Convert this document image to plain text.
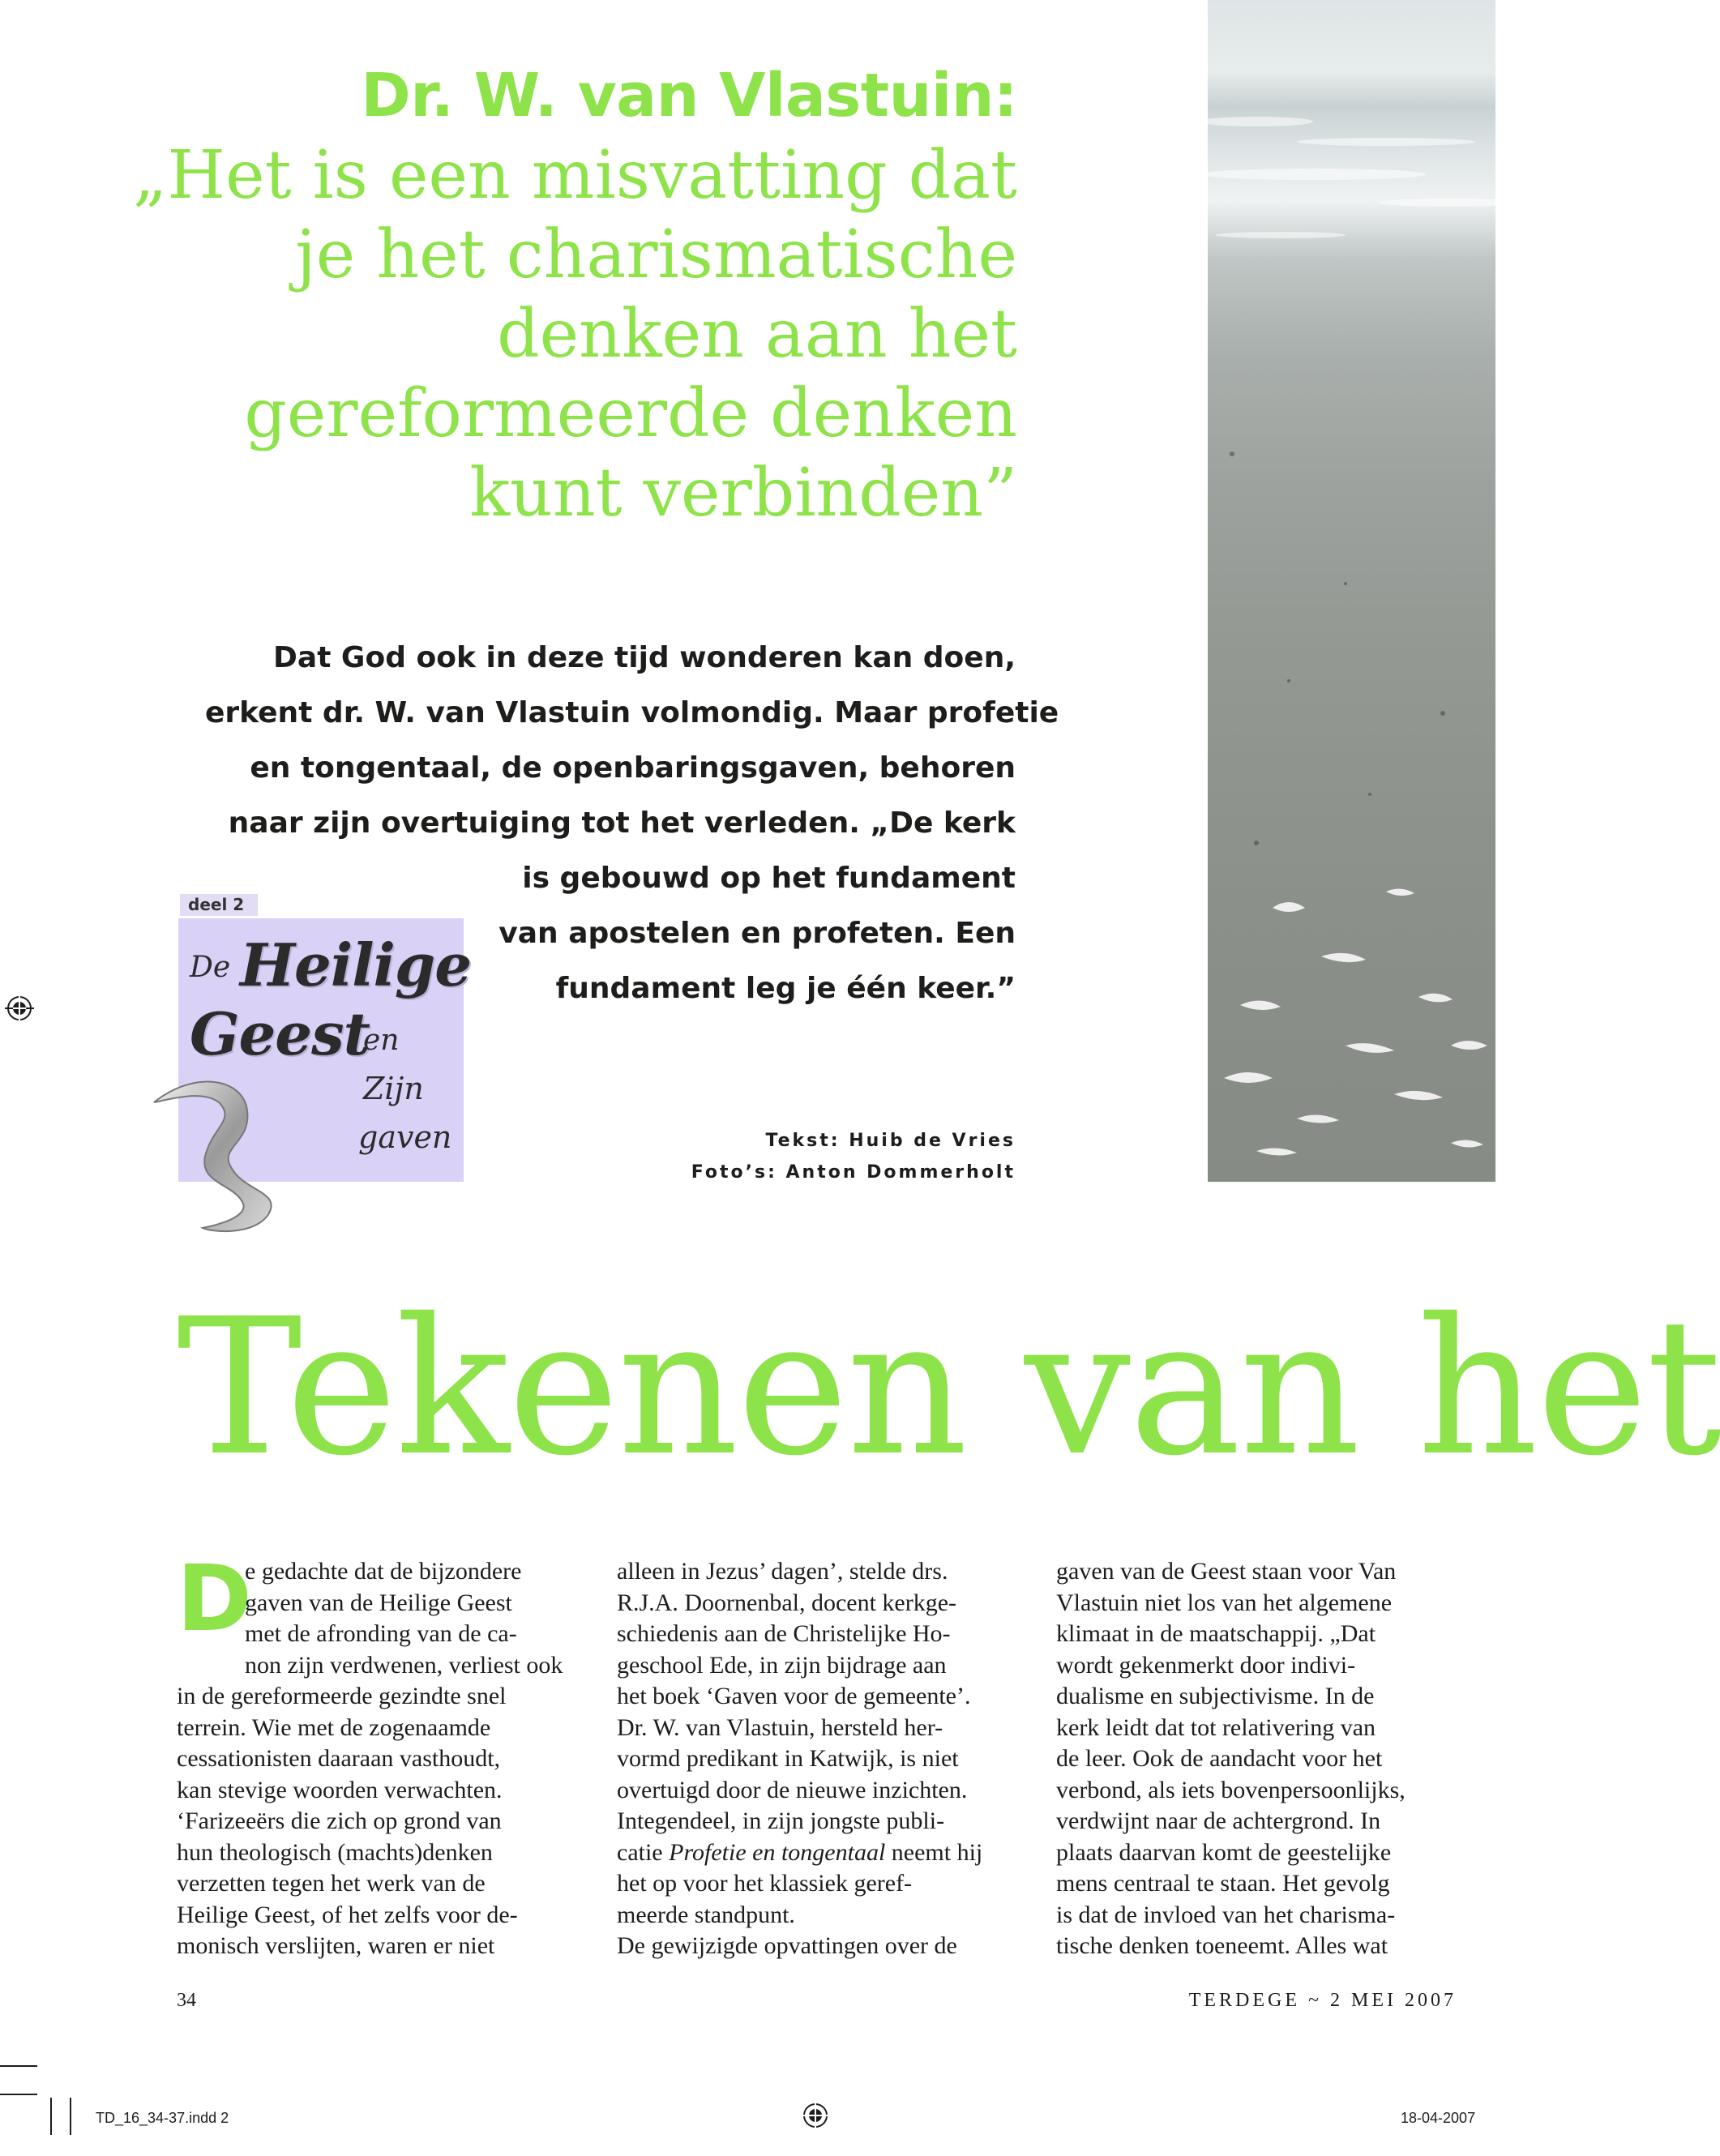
Dr. W. van Vlastuin:
„Het is een misvatting dat
je het charismatische
denken aan het
gereformeerde denken
kunt verbinden”
Dat God ook in deze tijd wonderen kan doen,
erkent dr. W. van Vlastuin volmondig. Maar profetie
en tongentaal, de openbaringsgaven, behoren
naar zijn overtuiging tot het verleden. „De kerk
is gebouwd op het fundament
van apostelen en profeten. Een
fundament leg je één keer.”
deel 2
De Heilige
Geest
en
Zijn
gaven	Tekst: Huib de Vries
Foto’s: Anton Dommerholt
Tekenen van het
D
e gedachte dat de bijzondere
gaven van de Heilige Geest
met de afronding van de ca-
non zijn verdwenen, verliest ook
in de gereformeerde gezindte snel
terrein. Wie met de zogenaamde
cessationisten daaraan vasthoudt,
kan stevige woorden verwachten.
‘Farizeeërs die zich op grond van
hun theologisch (machts)denken
verzetten tegen het werk van de
Heilige Geest, of het zelfs voor de-
monisch verslijten, waren er niet
alleen in Jezus’ dagen’, stelde drs.
R.J.A. Doornenbal, docent kerkge-
schiedenis aan de Christelijke Ho-
geschool Ede, in zijn bijdrage aan
het boek ‘Gaven voor de gemeente’.
Dr. W. van Vlastuin, hersteld her-
vormd predikant in Katwijk, is niet
overtuigd door de nieuwe inzichten.
Integendeel, in zijn jongste publi-
catie Profetie en tongentaal neemt hij
het op voor het klassiek geref-
meerde standpunt.
De gewijzigde opvattingen over de
gaven van de Geest staan voor Van
Vlastuin niet los van het algemene
klimaat in de maatschappij. „Dat
wordt gekenmerkt door indivi-
dualisme en subjectivisme. In de
kerk leidt dat tot relativering van
de leer. Ook de aandacht voor het
verbond, als iets bovenpersoonlijks,
verdwijnt naar de achtergrond. In
plaats daarvan komt de geestelijke
mens centraal te staan. Het gevolg
is dat de invloed van het charisma-
tische denken toeneemt. Alles wat
34	TERDEGE ~ 2 MEI 2007
TD_16_34-37.indd 2	18-04-2007
